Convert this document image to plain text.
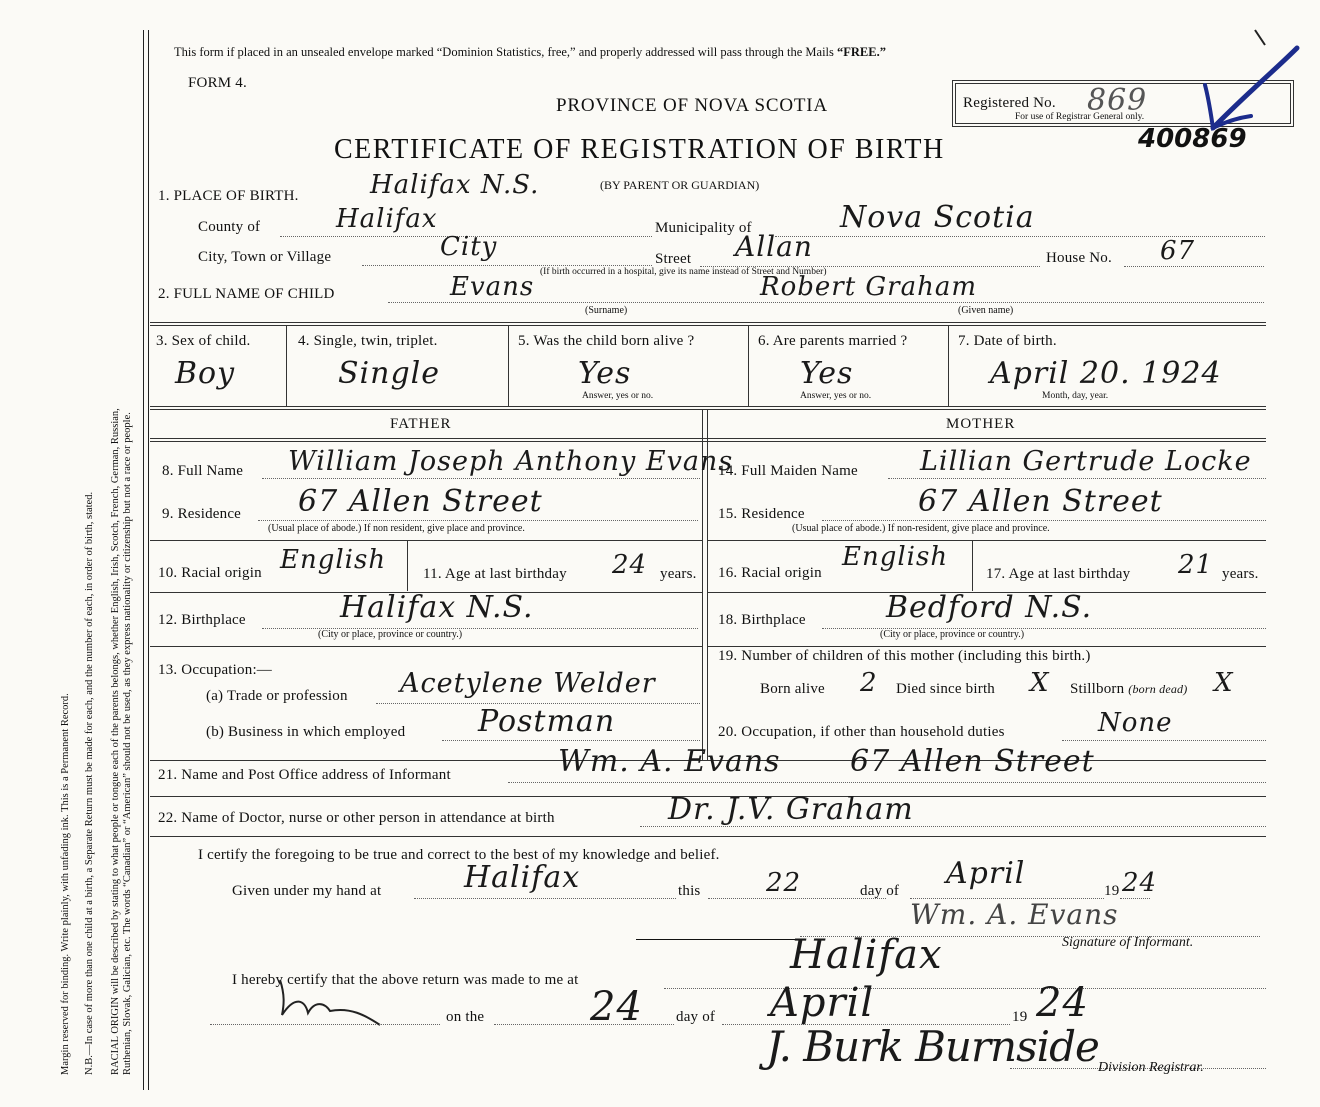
Margin reserved for binding. Write plainly, with unfading ink. This is a Permanent Record. N.B.—In case of more than one child at a birth, a Separate Return must be made for each, and the number of each, in order of birth, stated. RACIAL ORIGIN will be described by stating to what people or tongue each of the parents belongs, whether English, Irish, Scotch, French, German, Russian, Ruthenian, Slovak, Galician, etc. The words “Canadian” or “American” should not be used, as they express nationality or citizenship but not a race or people.
This form if placed in an unsealed envelope marked “Dominion Statistics, free,” and properly addressed will pass through the Mails “FREE.”
FORM 4.
PROVINCE OF NOVA SCOTIA	Registered No. 869
For use of Registrar General only.
400869
CERTIFICATE OF REGISTRATION OF BIRTH
1. PLACE OF BIRTH.	Halifax N.S.	(BY PARENT OR GUARDIAN)
County of	Halifax	Municipality of	Nova Scotia
City, Town or Village	City	Street Allan
(If birth occurred in a hospital, give its name instead of Street and Number)
House No. 67
2. FULL NAME OF CHILD	Evans	Robert Graham
(Surname)	(Given name)
3. Sex of child.
Boy
4. Single, twin, triplet.
Single
5. Was the child born alive ?
Yes
Answer, yes or no.
6. Are parents married ?
Yes
Answer, yes or no.
7. Date of birth.
April 20. 1924
Month, day, year.
FATHER	MOTHER
8. Full Name William Joseph Anthony Evans
9. Residence 67 Allen Street
(Usual place of abode.) If non resident, give place and province.
10. Racial origin English 11. Age at last birthday 24 years.
12. Birthplace	Halifax N.S.
(City or place, province or country.)
13. Occupation:—
(a) Trade or profession Acetylene Welder
(b) Business in which employed Postman
14. Full Maiden Name Lillian Gertrude Locke
15. Residence	67 Allen Street
(Usual place of abode.) If non-resident, give place and province.
16. Racial origin
English
17. Age at last birthday 21 years.
18. Birthplace	Bedford N.S.
(City or place, province or country.)
19. Number of children of this mother (including this birth.)
Born alive 2 Died since birth X Stillborn (born dead) X
20. Occupation, if other than household duties	None
21. Name and Post Office address of Informant	Wm. A. Evans 67 Allen Street
22. Name of Doctor, nurse or other person in attendance at birth	Dr. J.V. Graham
I certify the foregoing to be true and correct to the best of my knowledge and belief.
Given under my hand at	Halifax	this	22	day of April	19 24
Wm. A. Evans
Signature of Informant.
I hereby certify that the above return was made to me at
Halifax
on the	24 day of April	19 24
J. Burk Burnside Division Registrar.
